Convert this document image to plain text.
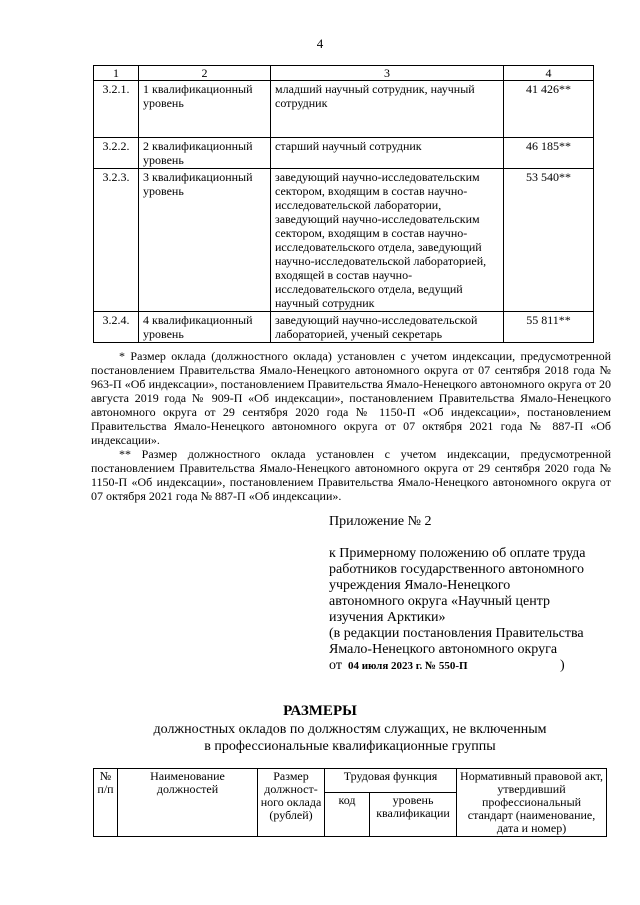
4
1	2	3	4
3.2.1.	1 квалификационный уровень	младший научный сотрудник, научный сотрудник	41 426**
3.2.2.	2 квалификационный уровень	старший научный сотрудник	46 185**
3.2.3.	3 квалификационный уровень	заведующий научно-исследовательским сектором, входящим в состав научно-исследовательской лаборатории, заведующий научно-исследовательским сектором, входящим в состав научно-исследовательского отдела, заведующий научно-исследовательской лабораторией, входящей в состав научно-исследовательского отдела, ведущий научный сотрудник	53 540**
3.2.4.	4 квалификационный уровень	заведующий научно-исследовательской лабораторией, ученый секретарь	55 811**

* Размер оклада (должностного оклада) установлен с учетом индексации, предусмотренной постановлением Правительства Ямало-Ненецкого автономного округа от 07 сентября 2018 года № 963-П «Об индексации», постановлением Правительства Ямало-Ненецкого автономного округа от 20 августа 2019 года № 909-П «Об индексации», постановлением Правительства Ямало-Ненецкого автономного округа от 29 сентября 2020 года № 1150-П «Об индексации», постановлением Правительства Ямало-Ненецкого автономного округа от 07 октября 2021 года № 887-П «Об индексации».

** Размер должностного оклада установлен с учетом индексации, предусмотренной постановлением Правительства Ямало-Ненецкого автономного округа от 29 сентября 2020 года № 1150-П «Об индексации», постановлением Правительства Ямало-Ненецкого автономного округа от 07 октября 2021 года № 887-П «Об индексации».

Приложение № 2

к Примерному положению об оплате труда

работников государственного автономного

учреждения Ямало-Ненецкого

автономного округа «Научный центр

изучения Арктики»

(в редакции постановления Правительства

Ямало-Ненецкого автономного округа

от 04 июля 2023 г. № 550-П	)
РАЗМЕРЫ
должностных окладов по должностям служащих, не включенным
в профессиональные квалификационные группы
№ п/п	Наименование должностей	Размер должност-ного оклада (рублей)	Трудовая функция		Нормативный правовой акт, утвердивший профессиональный стандарт (наименование, дата и номер)
			код	уровень квалификации	
